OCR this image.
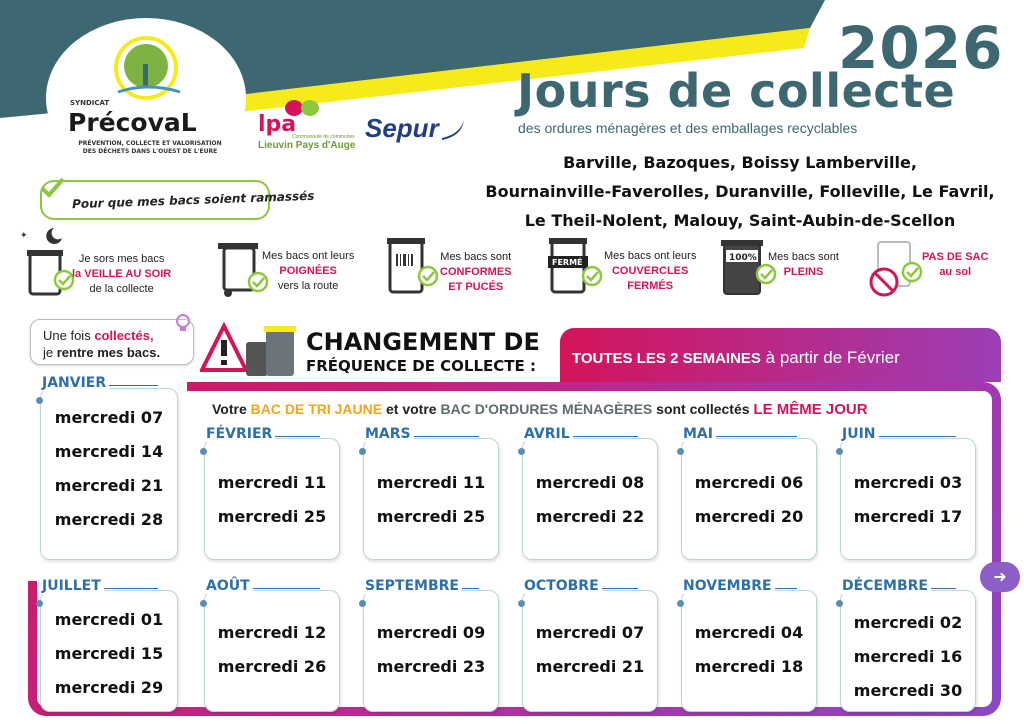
SYNDICAT
PrécovaL
PRÉVENTION, COLLECTE ET VALORISATION
DES DÉCHETS DANS L'OUEST DE L'EURE
lpa
Communauté de communes
Lieuvin Pays d'Auge
Sepur
2026
Jours de collecte
des ordures ménagères et des emballages recyclables
Barville, Bazoques, Boissy Lamberville,
Bournainville-Faverolles, Duranville, Folleville, Le Favril,
Le Theil-Nolent, Malouy, Saint-Aubin-de-Scellon
Pour que mes bacs soient ramassés
✦
Je sors mes bacs
la VEILLE AU SOIR
de la collecte
Mes bacs ont leurs
POIGNÉES
vers la route
Mes bacs sont
CONFORMES
ET PUCÉS
FERMÉ
Mes bacs ont leurs
COUVERCLES
FERMÉS
100% Mes bacs sont
PLEINS
PAS DE SAC
au sol
Une fois collectés,
je rentre mes bacs.	CHANGEMENT DE
FRÉQUENCE DE COLLECTE : TOUTES LES 2 SEMAINES à partir de Février
Votre BAC DE TRI JAUNE et votre BAC D'ORDURES MÉNAGÈRES sont collectés LE MÊME JOUR
mercredi 07
mercredi 14
mercredi 21
mercredi 28
JANVIER
mercredi 11
mercredi 25
FÉVRIER
mercredi 11
mercredi 25
MARS
mercredi 08
mercredi 22
AVRIL
mercredi 06
mercredi 20
MAI
mercredi 03
mercredi 17
JUIN
mercredi 01
mercredi 15
mercredi 29
JUILLET
mercredi 12
mercredi 26
AOÛT
mercredi 09
mercredi 23
SEPTEMBRE
mercredi 07
mercredi 21
OCTOBRE
mercredi 04
mercredi 18
NOVEMBRE
mercredi 02
mercredi 16
mercredi 30
DÉCEMBRE	➜
